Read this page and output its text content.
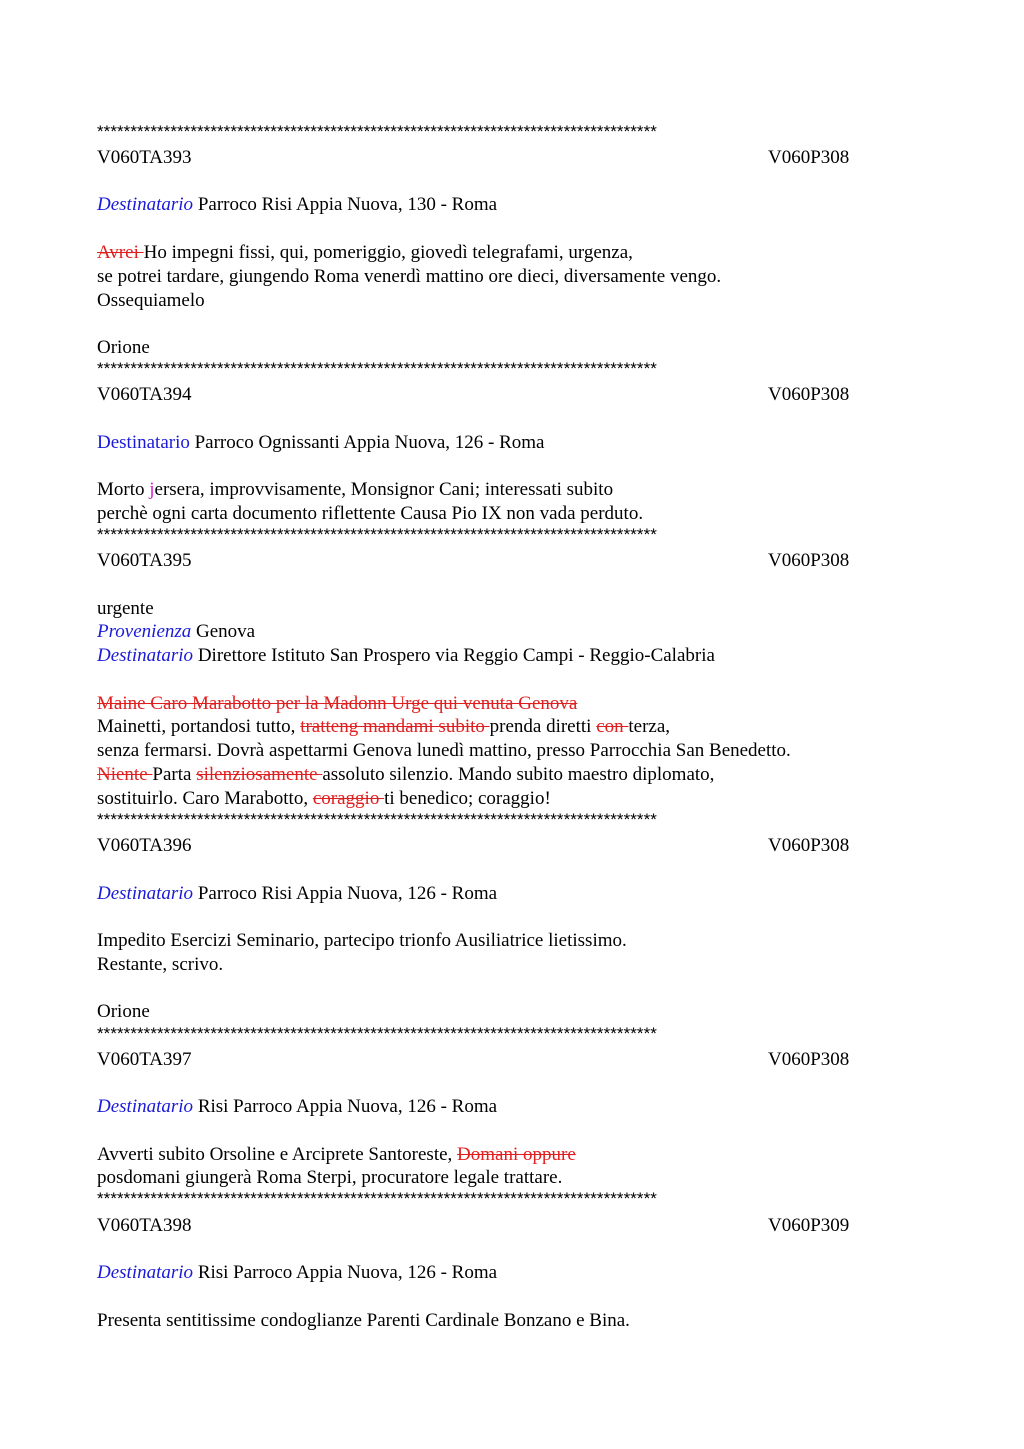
************************************************************************************
V060TA393	V060P308
Destinatario Parroco Risi Appia Nuova, 130 - Roma
Avrei Ho impegni fissi, qui, pomeriggio, giovedì telegrafami, urgenza,
se potrei tardare, giungendo Roma venerdì mattino ore dieci, diversamente vengo.
Ossequiamelo
Orione
************************************************************************************
V060TA394	V060P308
Destinatario Parroco Ognissanti Appia Nuova, 126 - Roma
Morto jersera, improvvisamente, Monsignor Cani; interessati subito
perchè ogni carta documento riflettente Causa Pio IX non vada perduto.
************************************************************************************
V060TA395	V060P308
urgente
Provenienza Genova
Destinatario Direttore Istituto San Prospero via Reggio Campi - Reggio-Calabria
Maine Caro Marabotto per la Madonn Urge qui venuta Genova
Mainetti, portandosi tutto, tratteng mandami subito prenda diretti con terza,
senza fermarsi. Dovrà aspettarmi Genova lunedì mattino, presso Parrocchia San Benedetto.
Niente Parta silenziosamente assoluto silenzio. Mando subito maestro diplomato,
sostituirlo. Caro Marabotto, coraggio ti benedico; coraggio!
************************************************************************************
V060TA396	V060P308
Destinatario Parroco Risi Appia Nuova, 126 - Roma
Impedito Esercizi Seminario, partecipo trionfo Ausiliatrice lietissimo.
Restante, scrivo.
Orione
************************************************************************************
V060TA397	V060P308
Destinatario Risi Parroco Appia Nuova, 126 - Roma
Avverti subito Orsoline e Arciprete Santoreste, Domani oppure
posdomani giungerà Roma Sterpi, procuratore legale trattare.
************************************************************************************
V060TA398	V060P309
Destinatario Risi Parroco Appia Nuova, 126 - Roma
Presenta sentitissime condoglianze Parenti Cardinale Bonzano e Bina.
